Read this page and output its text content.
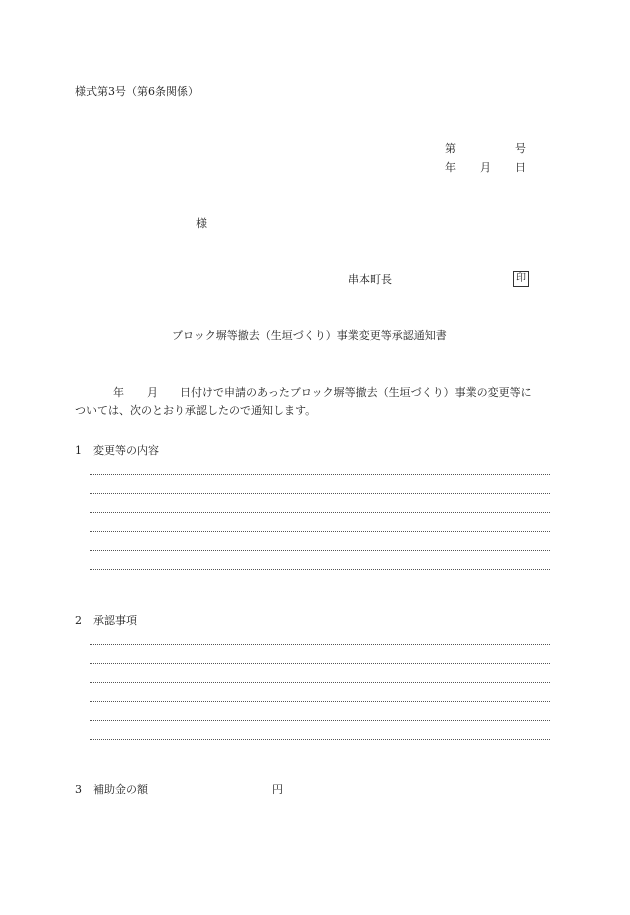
様式第3号（第6条関係）
第	号
年 月 日
様
串本町長	印
ブロック塀等撤去（生垣づくり）事業変更等承認通知書
年 月 日付けで申請のあったブロック塀等撤去（生垣づくり）事業の変更等に
ついては、次のとおり承認したので通知します。
1 変更等の内容
2 承認事項
3 補助金の額	円
